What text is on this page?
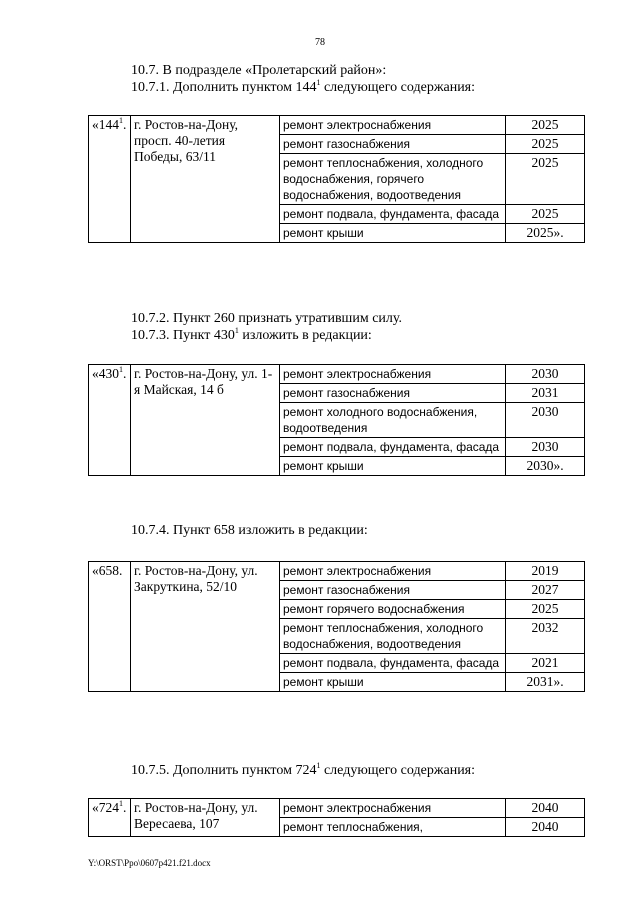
78
10.7. В подразделе «Пролетарский район»:
10.7.1. Дополнить пунктом $144^1$ следующего содержания:
«$144^1$.	г. Ростов-на-Дону, просп. 40-летия Победы, 63/11	ремонт электроснабжения	2025
		ремонт газоснабжения	2025
		ремонт теплоснабжения, холодного водоснабжения, горячего водоснабжения, водоотведения	2025
		ремонт подвала, фундамента, фасада	2025
		ремонт крыши	2025».
10.7.2. Пункт 260 признать утратившим силу.
10.7.3. Пункт $430^1$ изложить в редакции:
«$430^1$.	г. Ростов-на-Дону, ул. 1-я Майская, 14 б	ремонт электроснабжения	2030
		ремонт газоснабжения	2031
		ремонт холодного водоснабжения, водоотведения	2030
		ремонт подвала, фундамента, фасада	2030
		ремонт крыши	2030».
10.7.4. Пункт 658 изложить в редакции:
«658.	г. Ростов-на-Дону, ул. Закруткина, 52/10	ремонт электроснабжения	2019
		ремонт газоснабжения	2027
		ремонт горячего водоснабжения	2025
		ремонт теплоснабжения, холодного водоснабжения, водоотведения	2032
		ремонт подвала, фундамента, фасада	2021
		ремонт крыши	2031».
10.7.5. Дополнить пунктом $724^1$ следующего содержания:
«$724^1$.	г. Ростов-на-Дону, ул. Вересаева, 107	ремонт электроснабжения	2040
		ремонт теплоснабжения,	2040
Y:\ORST\Ppo\0607p421.f21.docx
